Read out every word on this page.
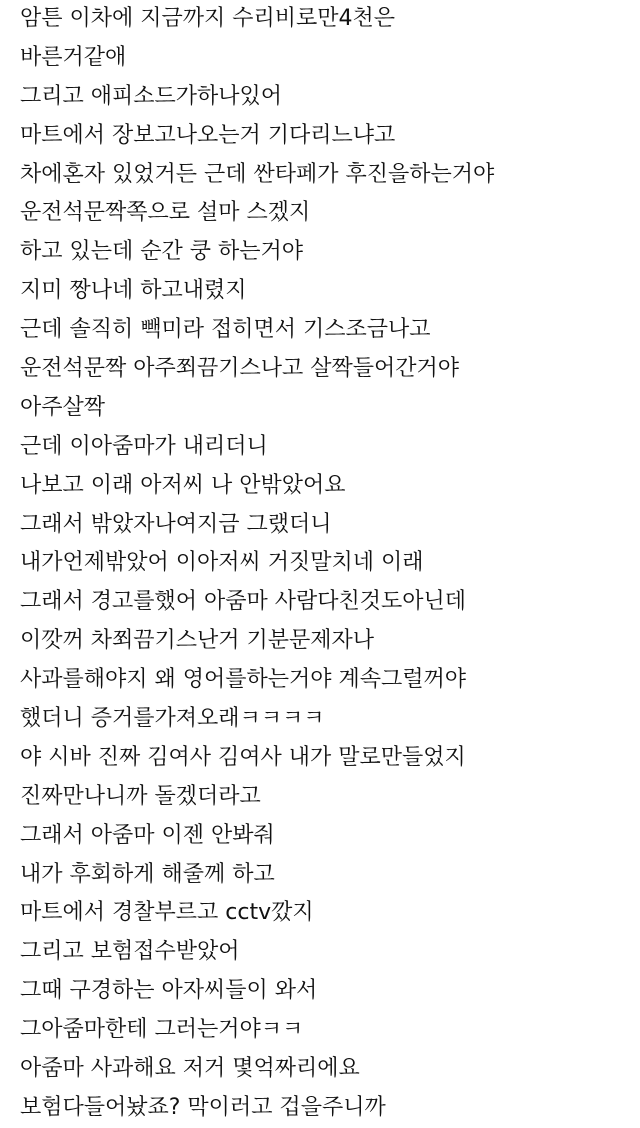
암튼 이차에 지금까지 수리비로만4천은
바른거같애
그리고 애피소드가하나있어
마트에서 장보고나오는거 기다리느냐고
차에혼자 있었거든 근데 싼타페가 후진을하는거야
운전석문짝쪽으로 설마 스겠지
하고 있는데 순간 쿵 하는거야
지미 짱나네 하고내렸지
근데 솔직히 빽미라 접히면서 기스조금나고
운전석문짝 아주쬐끔기스나고 살짝들어간거야
아주살짝
근데 이아줌마가 내리더니
나보고 이래 아저씨 나 안밖았어요
그래서 밖았자나여지금 그랬더니
내가언제밖았어 이아저씨 거짓말치네 이래
그래서 경고를했어 아줌마 사람다친것도아닌데
이깟꺼 차쬐끔기스난거 기분문제자나
사과를해야지 왜 영어를하는거야 계속그럴꺼야
했더니 증거를가져오래ㅋㅋㅋㅋ
야 시바 진짜 김여사 김여사 내가 말로만들었지
진짜만나니까 돌겠더라고
그래서 아줌마 이젠 안봐줘
내가 후회하게 해줄께 하고
마트에서 경찰부르고 cctv깠지
그리고 보험접수받았어
그때 구경하는 아자씨들이 와서
그아줌마한테 그러는거야ㅋㅋ
아줌마 사과해요 저거 몇억짜리에요
보험다들어놨죠? 막이러고 겁을주니까
